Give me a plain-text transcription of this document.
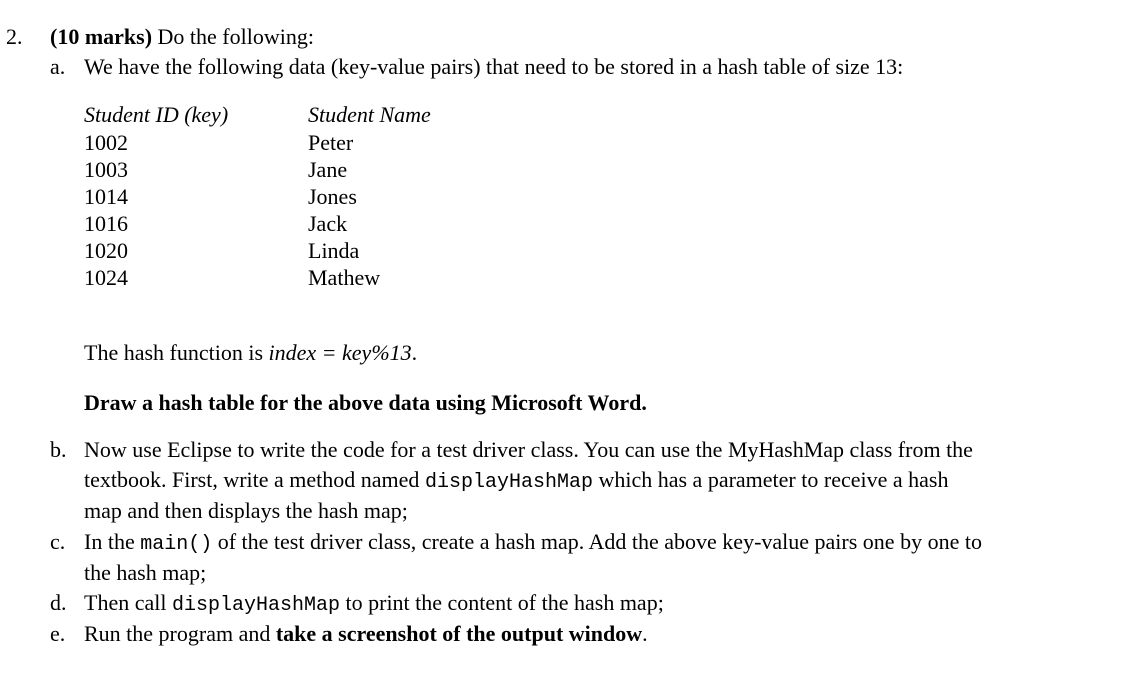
2. (10 marks) Do the following:
a. We have the following data (key-value pairs) that need to be stored in a hash table of size 13:
Student ID (key)	Student Name
1002	Peter
1003	Jane
1014	Jones
1016	Jack
1020	Linda
1024	Mathew
The hash function is index = key%13.
Draw a hash table for the above data using Microsoft Word.
b. Now use Eclipse to write the code for a test driver class. You can use the MyHashMap class from the
textbook. First, write a method named displayHashMap which has a parameter to receive a hash
map and then displays the hash map;
c. In the main() of the test driver class, create a hash map. Add the above key-value pairs one by one to
the hash map;
d. Then call displayHashMap to print the content of the hash map;
e. Run the program and take a screenshot of the output window.
